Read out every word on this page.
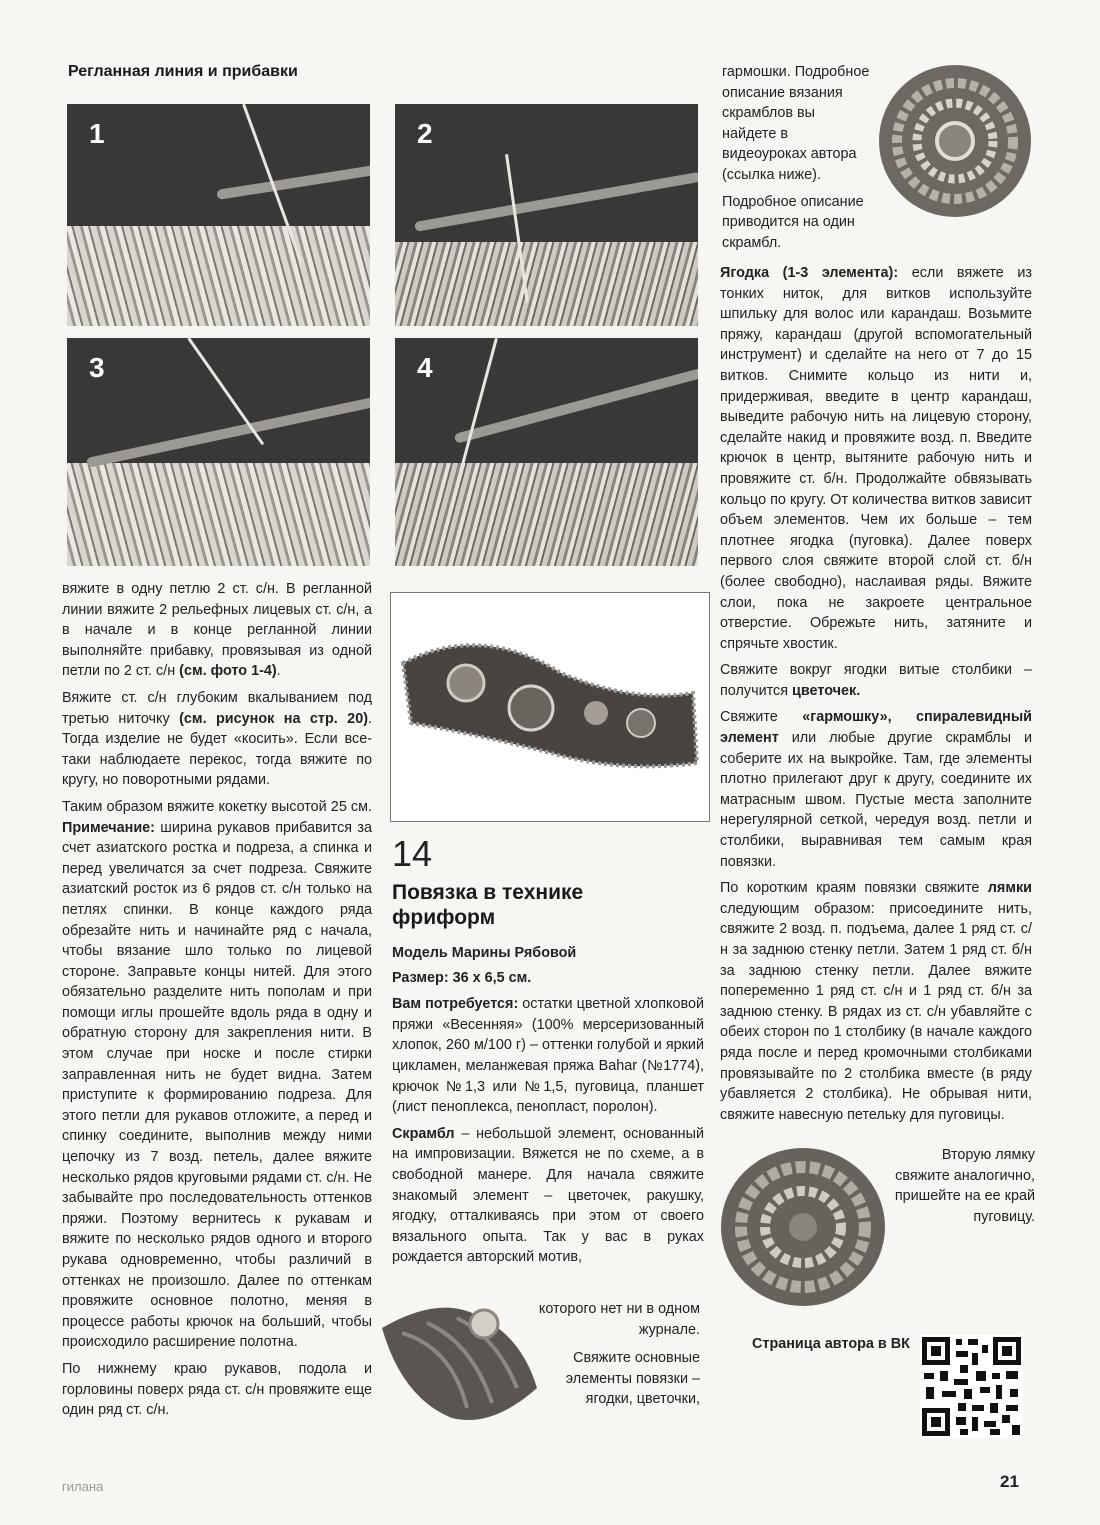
Регланная линия и прибавки
1	2
3	4

вяжите в одну петлю 2 ст. с/н. В регланной линии вяжите 2 рельефных лицевых ст. с/н, а в начале и в конце регланной линии выполняйте прибавку, провязывая из одной петли по 2 ст. с/н (см. фото 1-4).

Вяжите ст. с/н глубоким вкалыванием под третью ниточку (см. рисунок на стр. 20). Тогда изделие не будет «косить». Если все-таки наблюдаете перекос, тогда вяжите по кругу, но поворотными рядами.

Таким образом вяжите кокетку высотой 25 см. Примечание: ширина рукавов прибавится за счет азиатского ростка и подреза, а спинка и перед увеличатся за счет подреза. Свяжите азиатский росток из 6 рядов ст. с/н только на петлях спинки. В конце каждого ряда обрезайте нить и начинайте ряд с начала, чтобы вязание шло только по лицевой стороне. Заправьте концы нитей. Для этого обязательно разделите нить пополам и при помощи иглы прошейте вдоль ряда в одну и обратную сторону для закрепления нити. В этом случае при носке и после стирки заправленная нить не будет видна. Затем приступите к формированию подреза. Для этого петли для рукавов отложите, а перед и спинку соедините, выполнив между ними цепочку из 7 возд. петель, далее вяжите несколько рядов круговыми рядами ст. с/н. Не забывайте про последовательность оттенков пряжи. Поэтому вернитесь к рукавам и вяжите по несколько рядов одного и второго рукава одновременно, чтобы различий в оттенках не произошло. Далее по оттенкам провяжите основное полотно, меняя в процессе работы крючок на больший, чтобы происходило расширение полотна.

По нижнему краю рукавов, подола и горловины поверх ряда ст. с/н провяжите еще один ряд ст. с/н.

14
Повязка в технике фриформ

Модель Марины Рябовой

Размер: 36 х 6,5 см.

Вам потребуется: остатки цветной хлопковой пряжи «Весенняя» (100% мерсеризованный хлопок, 260 м/100 г) – оттенки голубой и яркий цикламен, меланжевая пряжа Bahar (№1774), крючок №1,3 или №1,5, пуговица, планшет (лист пеноплекса, пенопласт, поролон).

Скрамбл – небольшой элемент, основанный на импровизации. Вяжется не по схеме, а в свободной манере. Для начала свяжите знакомый элемент – цветочек, ракушку, ягодку, отталкиваясь при этом от своего вязального опыта. Так у вас в руках рождается авторский мотив,

которого нет ни в одном журнале.
Свяжите основные элементы повязки – ягодки, цветочки,

гармошки. Подробное описание вязания скрамблов вы найдете в видеоуроках автора (ссылка ниже).

Подробное описание приводится на один скрамбл.

Ягодка (1-3 элемента): если вяжете из тонких ниток, для витков используйте шпильку для волос или карандаш. Возьмите пряжу, карандаш (другой вспомогательный инструмент) и сделайте на него от 7 до 15 витков. Снимите кольцо из нити и, придерживая, введите в центр карандаш, выведите рабочую нить на лицевую сторону, сделайте накид и провяжите возд. п. Введите крючок в центр, вытяните рабочую нить и провяжите ст. б/н. Продолжайте обвязывать кольцо по кругу. От количества витков зависит объем элементов. Чем их больше – тем плотнее ягодка (пуговка). Далее поверх первого слоя свяжите второй слой ст. б/н (более свободно), наслаивая ряды. Вяжите слои, пока не закроете центральное отверстие. Обрежьте нить, затяните и спрячьте хвостик.

Свяжите вокруг ягодки витые столбики – получится цветочек.

Свяжите «гармошку», спиралевидный элемент или любые другие скрамблы и соберите их на выкройке. Там, где элементы плотно прилегают друг к другу, соедините их матрасным швом. Пустые места заполните нерегулярной сеткой, чередуя возд. петли и столбики, выравнивая тем самым края повязки.

По коротким краям повязки свяжите лямки следующим образом: присоедините нить, свяжите 2 возд. п. подъема, далее 1 ряд ст. с/н за заднюю стенку петли. Затем 1 ряд ст. б/н за заднюю стенку петли. Далее вяжите попеременно 1 ряд ст. с/н и 1 ряд ст. б/н за заднюю стенку. В рядах из ст. с/н убавляйте с обеих сторон по 1 столбику (в начале каждого ряда после и перед кромочными столбиками провязывайте по 2 столбика вместе (в ряду убавляется 2 столбика). Не обрывая нити, свяжите навесную петельку для пуговицы.

Вторую лямку свяжите аналогично, пришейте на ее край пуговицу.
Страница автора в ВК
гилана	21
